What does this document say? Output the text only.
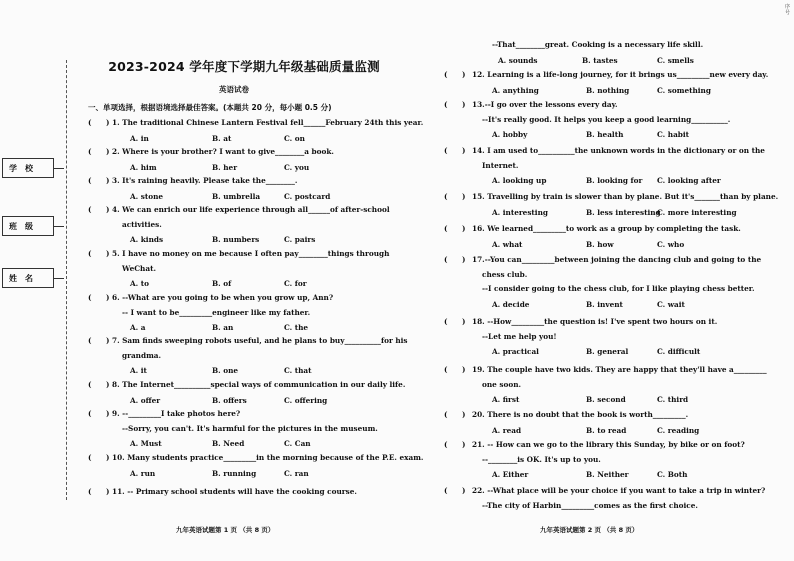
学　校
班　级
姓　名
2023-2024 学年度下学期九年级基础质量监测
英语试卷
一、单项选择，根据语境选择最佳答案。(本题共 20 分，每小题 0.5 分)
(　　) 1. The traditional Chinese Lantern Festival fell______February 24th this year.
A. in	B. at	C. on
(　　) 2. Where is your brother? I want to give________a book.
A. him	B. her	C. you
(　　) 3. It's raining heavily. Please take the________.
A. stone	B. umbrella	C. postcard
(　　) 4. We can enrich our life experience through all______of after-school
activities.
A. kinds	B. numbers	C. pairs
(　　) 5. I have no money on me because I often pay________things through
WeChat.
A. to	B. of	C. for
(　　) 6. --What are you going to be when you grow up, Ann?
-- I want to be_________engineer like my father.
A. a	B. an	C. the
(　　) 7. Sam finds sweeping robots useful, and he plans to buy__________for his
grandma.
A. it	B. one	C. that
(　　) 8. The Internet__________special ways of communication in our daily life.
A. offer	B. offers	C. offering
(　　) 9. --_________I take photos here?
--Sorry, you can't. It's harmful for the pictures in the museum.
A. Must	B. Need	C. Can
(　　) 10. Many students practice_________in the morning because of the P.E. exam.
A. run	B. running	C. ran
(　　) 11. -- Primary school students will have the cooking course.
九年英语试题第 1 页 （共 8 页）
--That________great. Cooking is a necessary life skill.
A. sounds	B. tastes	C. smells
(　　) 12. Learning is a life-long journey, for it brings us_________new every day.
A. anything	B. nothing	C. something
(　　) 13.--I go over the lessons every day.
--It's really good. It helps you keep a good learning__________.
A. hobby	B. health	C. habit
(　　) 14. I am used to__________the unknown words in the dictionary or on the
Internet.
A. looking up	B. looking for C. looking after
(　　) 15. Travelling by train is slower than by plane. But it's_______than by plane.
A. interesting	B. less interesting
C. more interesting
(　　) 16. We learned_________to work as a group by completing the task.
A. what	B. how	C. who
(　　) 17.--You can_________between joining the dancing club and going to the
chess club.
--I consider going to the chess club, for I like playing chess better.
A. decide	B. invent	C. wait
(　　) 18. --How_________the question is! I've spent two hours on it.
--Let me help you!
A. practical	B. general	C. difficult
(　　) 19. The couple have two kids. They are happy that they'll have a_________
one soon.
A. first	B. second	C. third
(　　) 20. There is no doubt that the book is worth_________.
A. read	B. to read	C. reading
(　　) 21. -- How can we go to the library this Sunday, by bike or on foot?
--________is OK. It's up to you.
A. Either	B. Neither	C. Both
(　　) 22. --What place will be your choice if you want to take a trip in winter?
--The city of Harbin_________comes as the first choice.
九年英语试题第 2 页 （共 8 页）
序号
